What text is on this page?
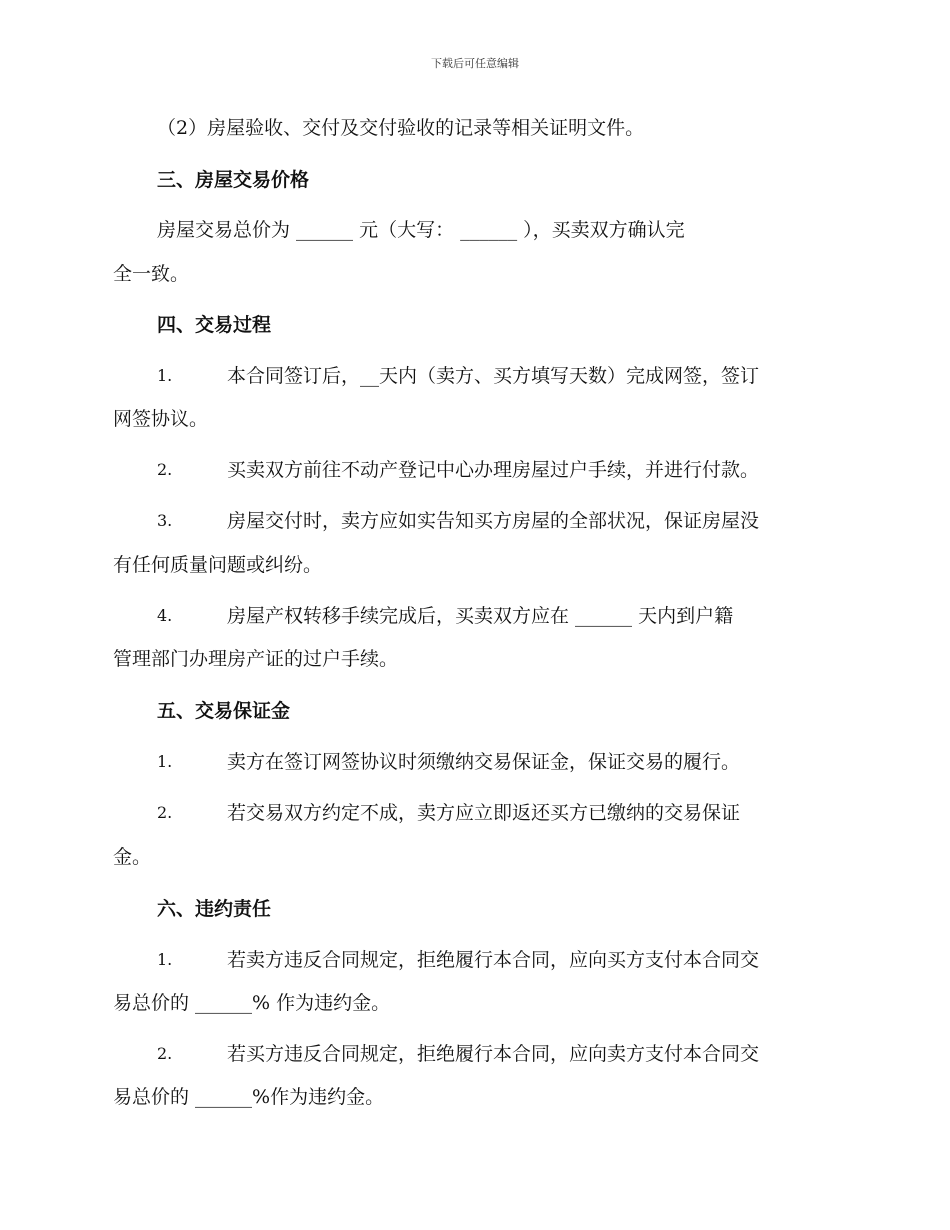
下载后可任意编辑
（2）房屋验收、交付及交付验收的记录等相关证明文件。
三、房屋交易价格
房屋交易总价为 ______ 元（大写： ______ ），买卖双方确认完
全一致。
四、交易过程
1.	本合同签订后，__天内（卖方、买方填写天数）完成网签，签订
网签协议。
2.	买卖双方前往不动产登记中心办理房屋过户手续，并进行付款。
3.	房屋交付时，卖方应如实告知买方房屋的全部状况，保证房屋没
有任何质量问题或纠纷。
4.	房屋产权转移手续完成后，买卖双方应在 ______ 天内到户籍
管理部门办理房产证的过户手续。
五、交易保证金
1.	卖方在签订网签协议时须缴纳交易保证金，保证交易的履行。
2.	若交易双方约定不成，卖方应立即返还买方已缴纳的交易保证
金。
六、违约责任
1.	若卖方违反合同规定，拒绝履行本合同，应向买方支付本合同交
易总价的 ______% 作为违约金。
2.	若买方违反合同规定，拒绝履行本合同，应向卖方支付本合同交
易总价的 ______%作为违约金。
